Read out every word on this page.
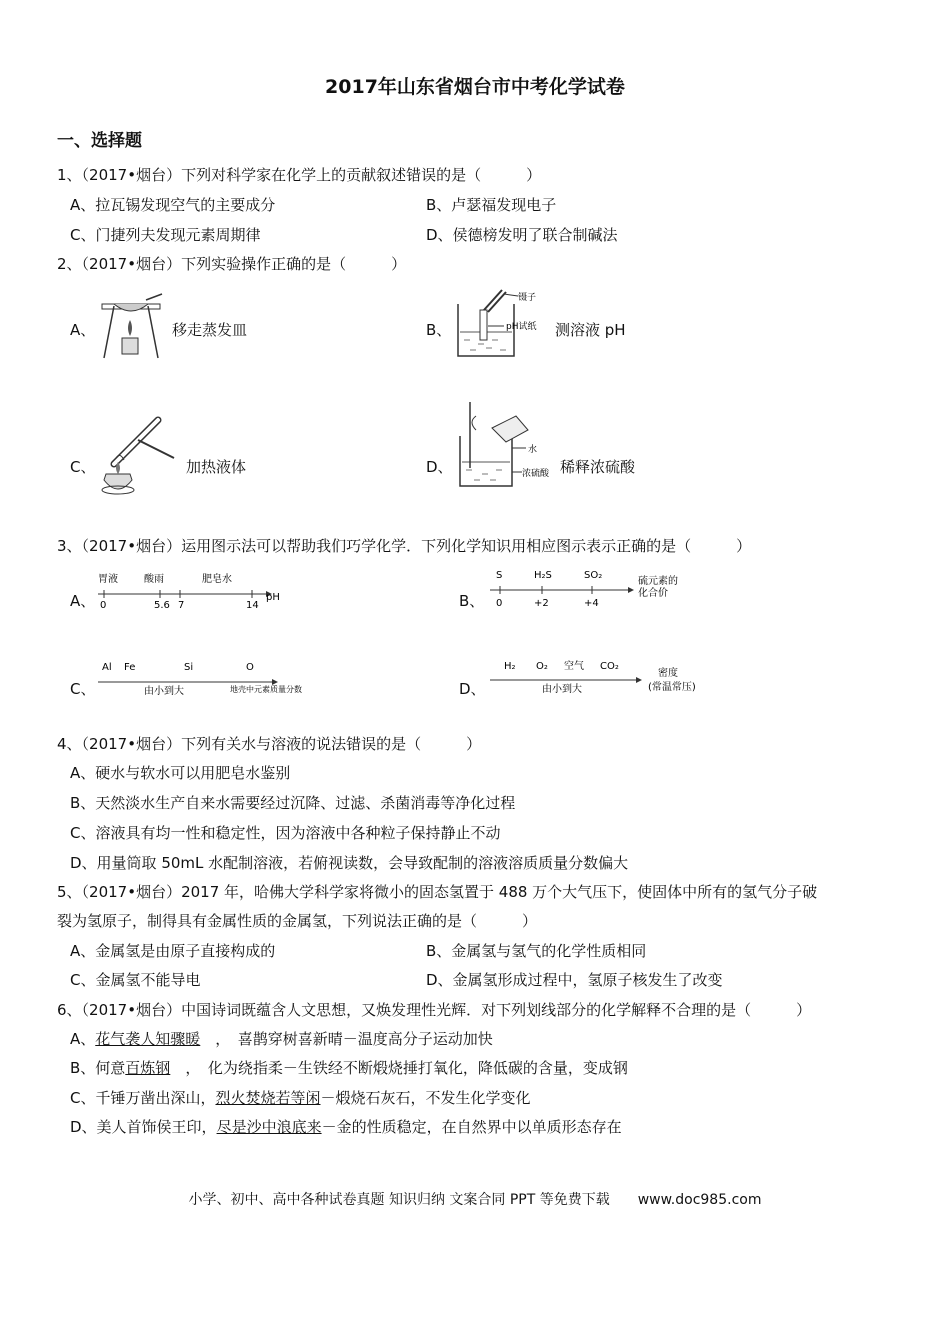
2017年山东省烟台市中考化学试卷
一、选择题
1、（2017•烟台）下列对科学家在化学上的贡献叙述错误的是（　　　）
A、拉瓦锡发现空气的主要成分	B、卢瑟福发现电子
C、门捷列夫发现元素周期律	D、侯德榜发明了联合制碱法
2、（2017•烟台）下列实验操作正确的是（　　　）
A、	移走蒸发皿	B、
镊子
pH试纸 测溶液 pH
C、	加热液体	D、
水
浓硫酸 稀释浓硫酸
3、（2017•烟台）运用图示法可以帮助我们巧学化学．下列化学知识用相应图示表示正确的是（　　　）
A、
胃液	酸雨	肥皂水
0	5.6 7	14
pH	B、
S	H₂S	SO₂
0	+2	+4
硫元素的
化合价
C、
Al Fe	Si	O
由小到大	地壳中元素质量分数	D、
H₂ O₂ 空气 CO₂
由小到大
密度
(常温常压)
4、（2017•烟台）下列有关水与溶液的说法错误的是（　　　）
A、硬水与软水可以用肥皂水鉴别
B、天然淡水生产自来水需要经过沉降、过滤、杀菌消毒等净化过程
C、溶液具有均一性和稳定性，因为溶液中各种粒子保持静止不动
D、用量筒取 50mL 水配制溶液，若俯视读数，会导致配制的溶液溶质质量分数偏大
5、（2017•烟台）2017 年，哈佛大学科学家将微小的固态氢置于 488 万个大气压下，使固体中所有的氢气分子破
裂为氢原子，制得具有金属性质的金属氢，下列说法正确的是（　　　）
A、金属氢是由原子直接构成的	B、金属氢与氢气的化学性质相同
C、金属氢不能导电	D、金属氢形成过程中，氢原子核发生了改变
6、（2017•烟台）中国诗词既蕴含人文思想，又焕发理性光辉．对下列划线部分的化学解释不合理的是（　　　）
A、花气袭人知骤暖　，　喜鹊穿树喜新晴－温度高分子运动加快
B、何意百炼钢　，　化为绕指柔－生铁经不断煅烧捶打氧化，降低碳的含量，变成钢
C、千锤万凿出深山，烈火焚烧若等闲－煅烧石灰石，不发生化学变化
D、美人首饰侯王印，尽是沙中浪底来－金的性质稳定，在自然界中以单质形态存在
小学、初中、高中各种试卷真题 知识归纳 文案合同 PPT 等免费下载　　www.doc985.com
